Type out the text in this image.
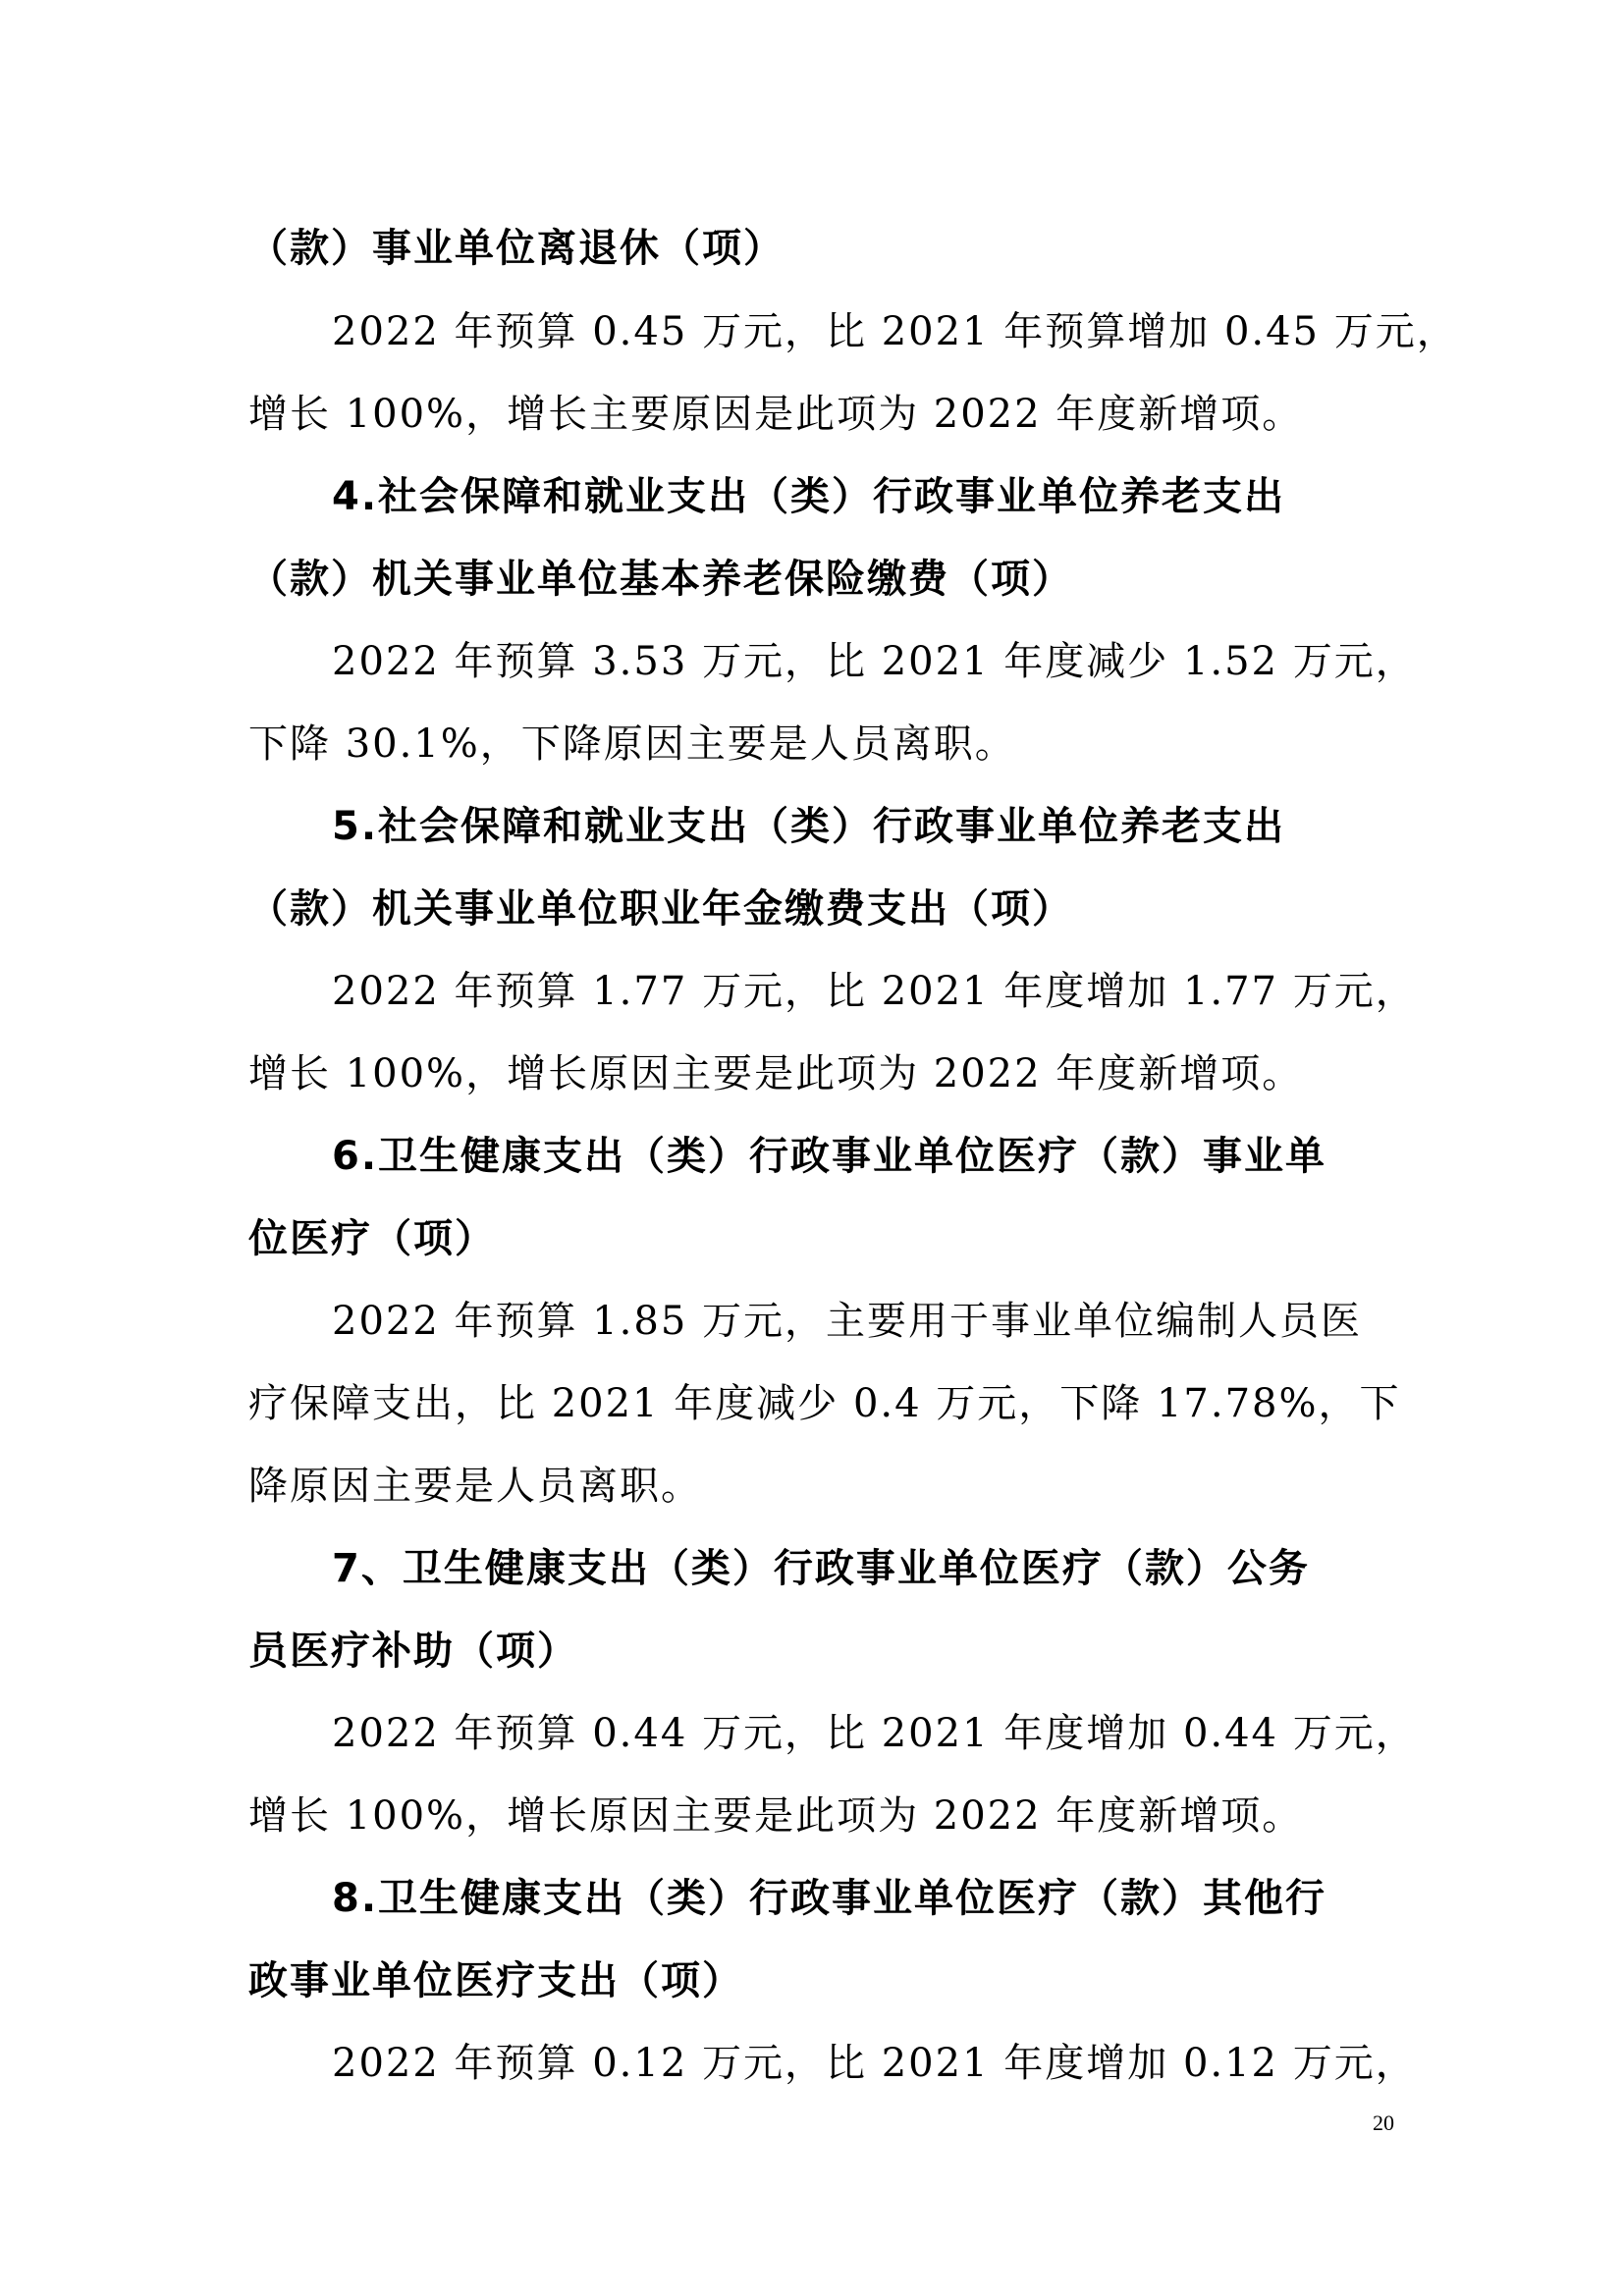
（款）事业单位离退休（项）
2022 年预算 0.45 万元，比 2021 年预算增加 0.45 万元，
增长 100%，增长主要原因是此项为 2022 年度新增项。
4.社会保障和就业支出（类）行政事业单位养老支出
（款）机关事业单位基本养老保险缴费（项）
2022 年预算 3.53 万元，比 2021 年度减少 1.52 万元，
下降 30.1%，下降原因主要是人员离职。
5.社会保障和就业支出（类）行政事业单位养老支出
（款）机关事业单位职业年金缴费支出（项）
2022 年预算 1.77 万元，比 2021 年度增加 1.77 万元，
增长 100%，增长原因主要是此项为 2022 年度新增项。
6.卫生健康支出（类）行政事业单位医疗（款）事业单
位医疗（项）
2022 年预算 1.85 万元，主要用于事业单位编制人员医
疗保障支出，比 2021 年度减少 0.4 万元，下降 17.78%，下
降原因主要是人员离职。
7、卫生健康支出（类）行政事业单位医疗（款）公务
员医疗补助（项）
2022 年预算 0.44 万元，比 2021 年度增加 0.44 万元，
增长 100%，增长原因主要是此项为 2022 年度新增项。
8.卫生健康支出（类）行政事业单位医疗（款）其他行
政事业单位医疗支出（项）
2022 年预算 0.12 万元，比 2021 年度增加 0.12 万元，
20
